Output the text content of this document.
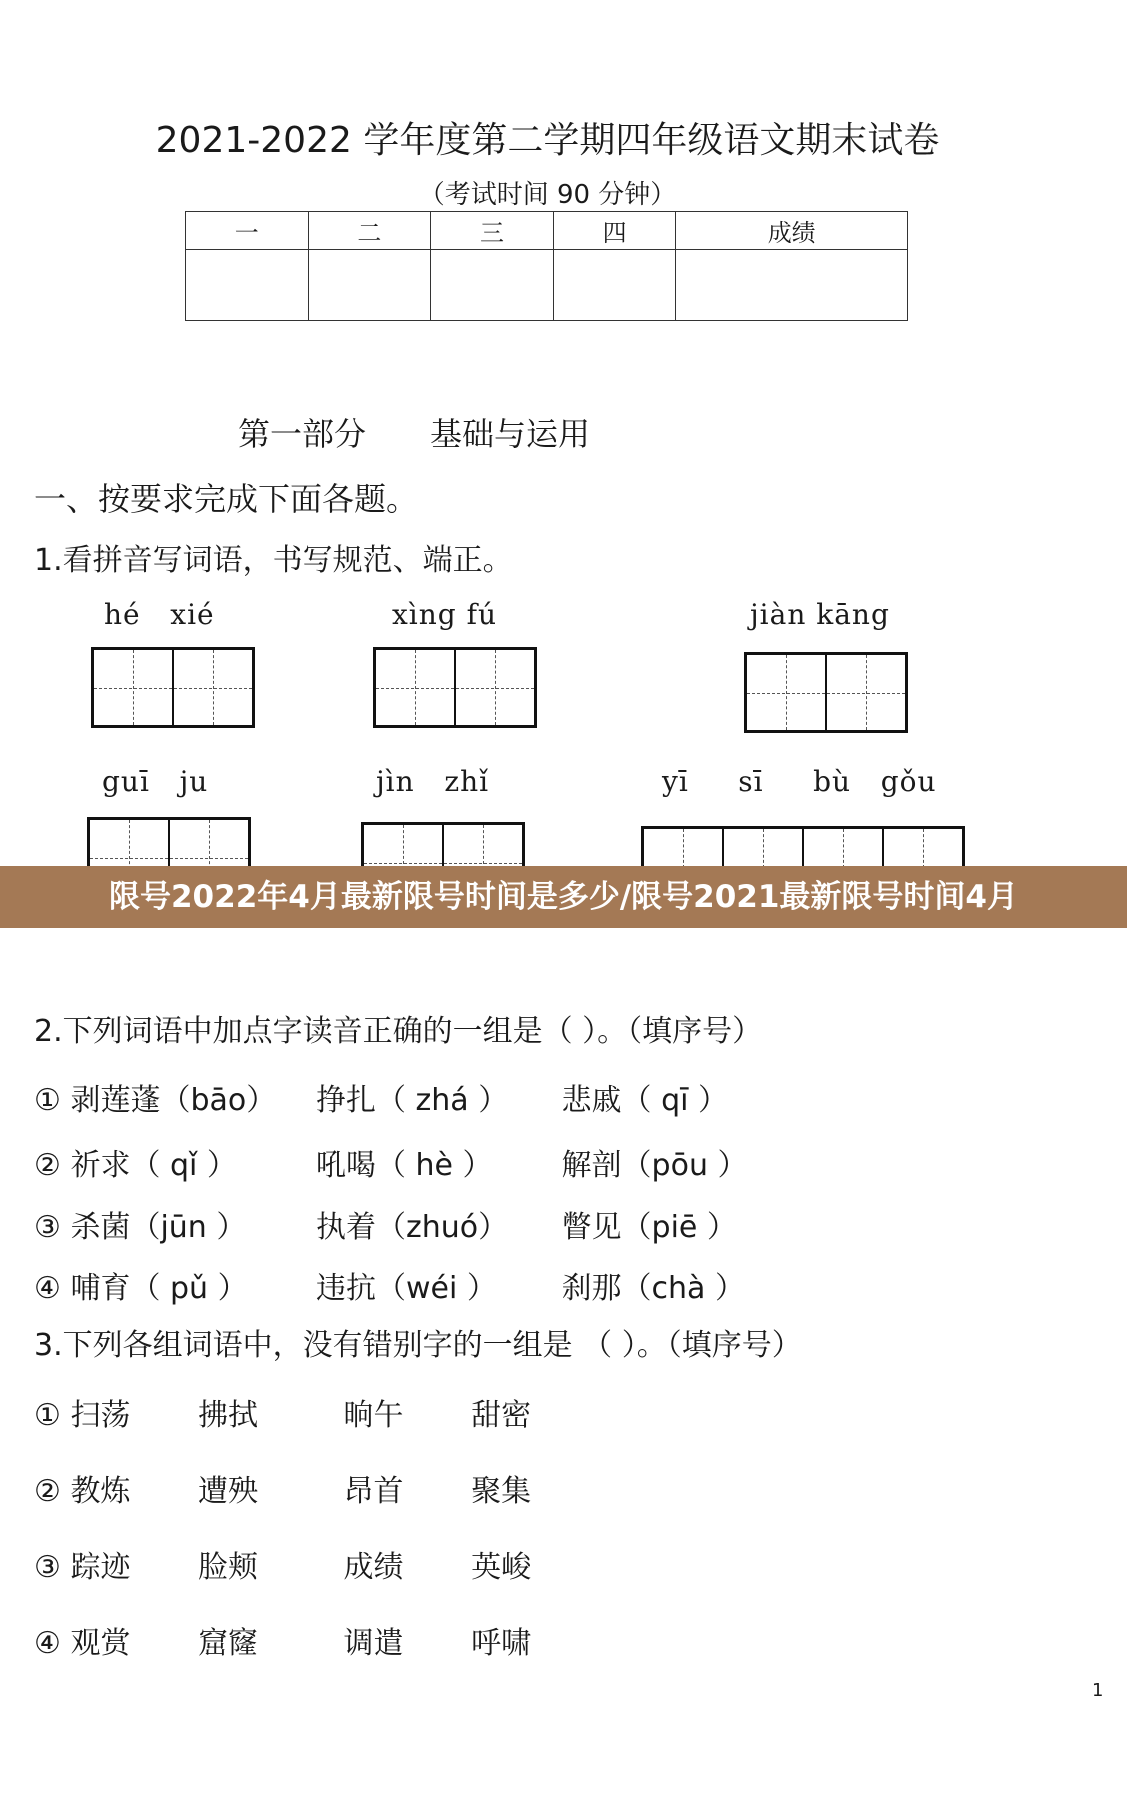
2021-2022 学年度第二学期四年级语文期末试卷
（考试时间 90 分钟）
一	二	三	四	成绩

第一部分 基础与运用
一、按要求完成下面各题。
1.看拼音写词语，书写规范、端正。
hé   xié	xìng fú	jiàn kāng
guī   ju	jìn   zhǐ	yī     sī     bù   gǒu
限号2022年4月最新限号时间是多少/限号2021最新限号时间4月
2.下列词语中加点字读音正确的一组是（ ）。（填序号）
① 剥莲蓬（bāo） 挣扎（ zhá ） 悲戚（ qī ）
② 祈求（ qǐ ）	吼喝（ hè ） 解剖（pōu ）
③ 杀菌（jūn ） 执着（zhuó） 瞥见（piē ）
④ 哺育（ pǔ ） 违抗（wéi ） 刹那（chà ）
3.下列各组词语中，没有错别字的一组是 （ ）。（填序号）
① 扫荡 拂拭	晌午 甜密
② 教炼 遭殃	昂首 聚集
③ 踪迹 脸颊	成绩 英峻
④ 观赏 窟窿	调遣 呼啸
1
